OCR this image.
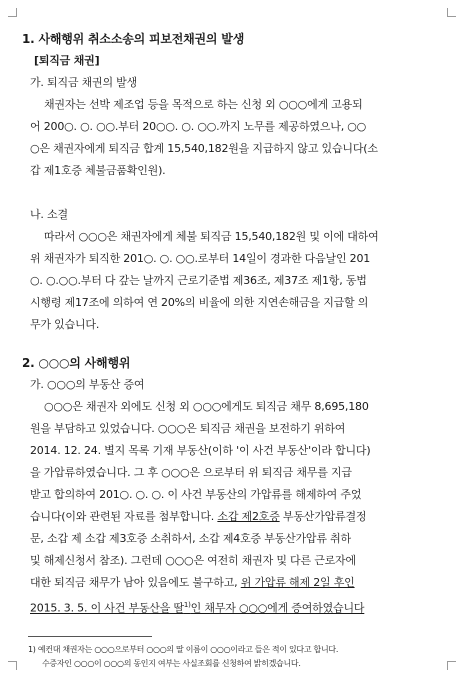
1. 사해행위 취소소송의 피보전채권의 발생
[퇴직금 채권]
가. 퇴직금 채권의 발생
채권자는 선박 제조업 등을 목적으로 하는 신청 외 ○○○에게 고용되
어 200○. ○. ○○.부터 20○○. ○. ○○.까지 노무를 제공하였으나, ○○
○은 채권자에게 퇴직금 합계 15,540,182원을 지급하지 않고 있습니다(소
갑 제1호증 체불금품확인원).
나. 소결
따라서 ○○○은 채권자에게 체불 퇴직금 15,540,182원 및 이에 대하여
위 채권자가 퇴직한 201○. ○. ○○.로부터 14일이 경과한 다음날인 201
○. ○.○○.부터 다 갚는 날까지 근로기준법 제36조, 제37조 제1항, 동법
시행령 제17조에 의하여 연 20%의 비율에 의한 지연손해금을 지급할 의
무가 있습니다.
2. ○○○의 사해행위
가. ○○○의 부동산 증여
○○○은 채권자 외에도 신청 외 ○○○에게도 퇴직금 채무 8,695,180
원을 부담하고 있었습니다. ○○○은 퇴직금 채권을 보전하기 위하여
2014. 12. 24. 별지 목록 기재 부동산(이하 '이 사건 부동산'이라 합니다)
을 가압류하였습니다. 그 후 ○○○은 으로부터 위 퇴직금 채무를 지급
받고 합의하여 201○. ○. ○. 이 사건 부동산의 가압류를 해제하여 주었
습니다(이와 관련된 자료를 첨부합니다. 소갑 제2호증 부동산가압류결정
문, 소갑 제 소갑 제3호증 소취하서, 소갑 제4호증 부동산가압류 취하
및 해제신청서 참조). 그런데 ○○○은 여전히 채권자 및 다른 근로자에
대한 퇴직금 채무가 남아 있음에도 불구하고, 위 가압류 해제 2일 후인
2015. 3. 5. 이 사건 부동산을 딸$^{1)}$인 채무자 ○○○에게 증여하였습니다
1) 예컨대 채권자는 ○○○으로부터 ○○○의 딸 이름이 ○○○이라고 들은 적이 있다고 합니다.
수증자인 ○○○이 ○○○의 동인지 여부는 사실조회를 신청하여 밝히겠습니다.
